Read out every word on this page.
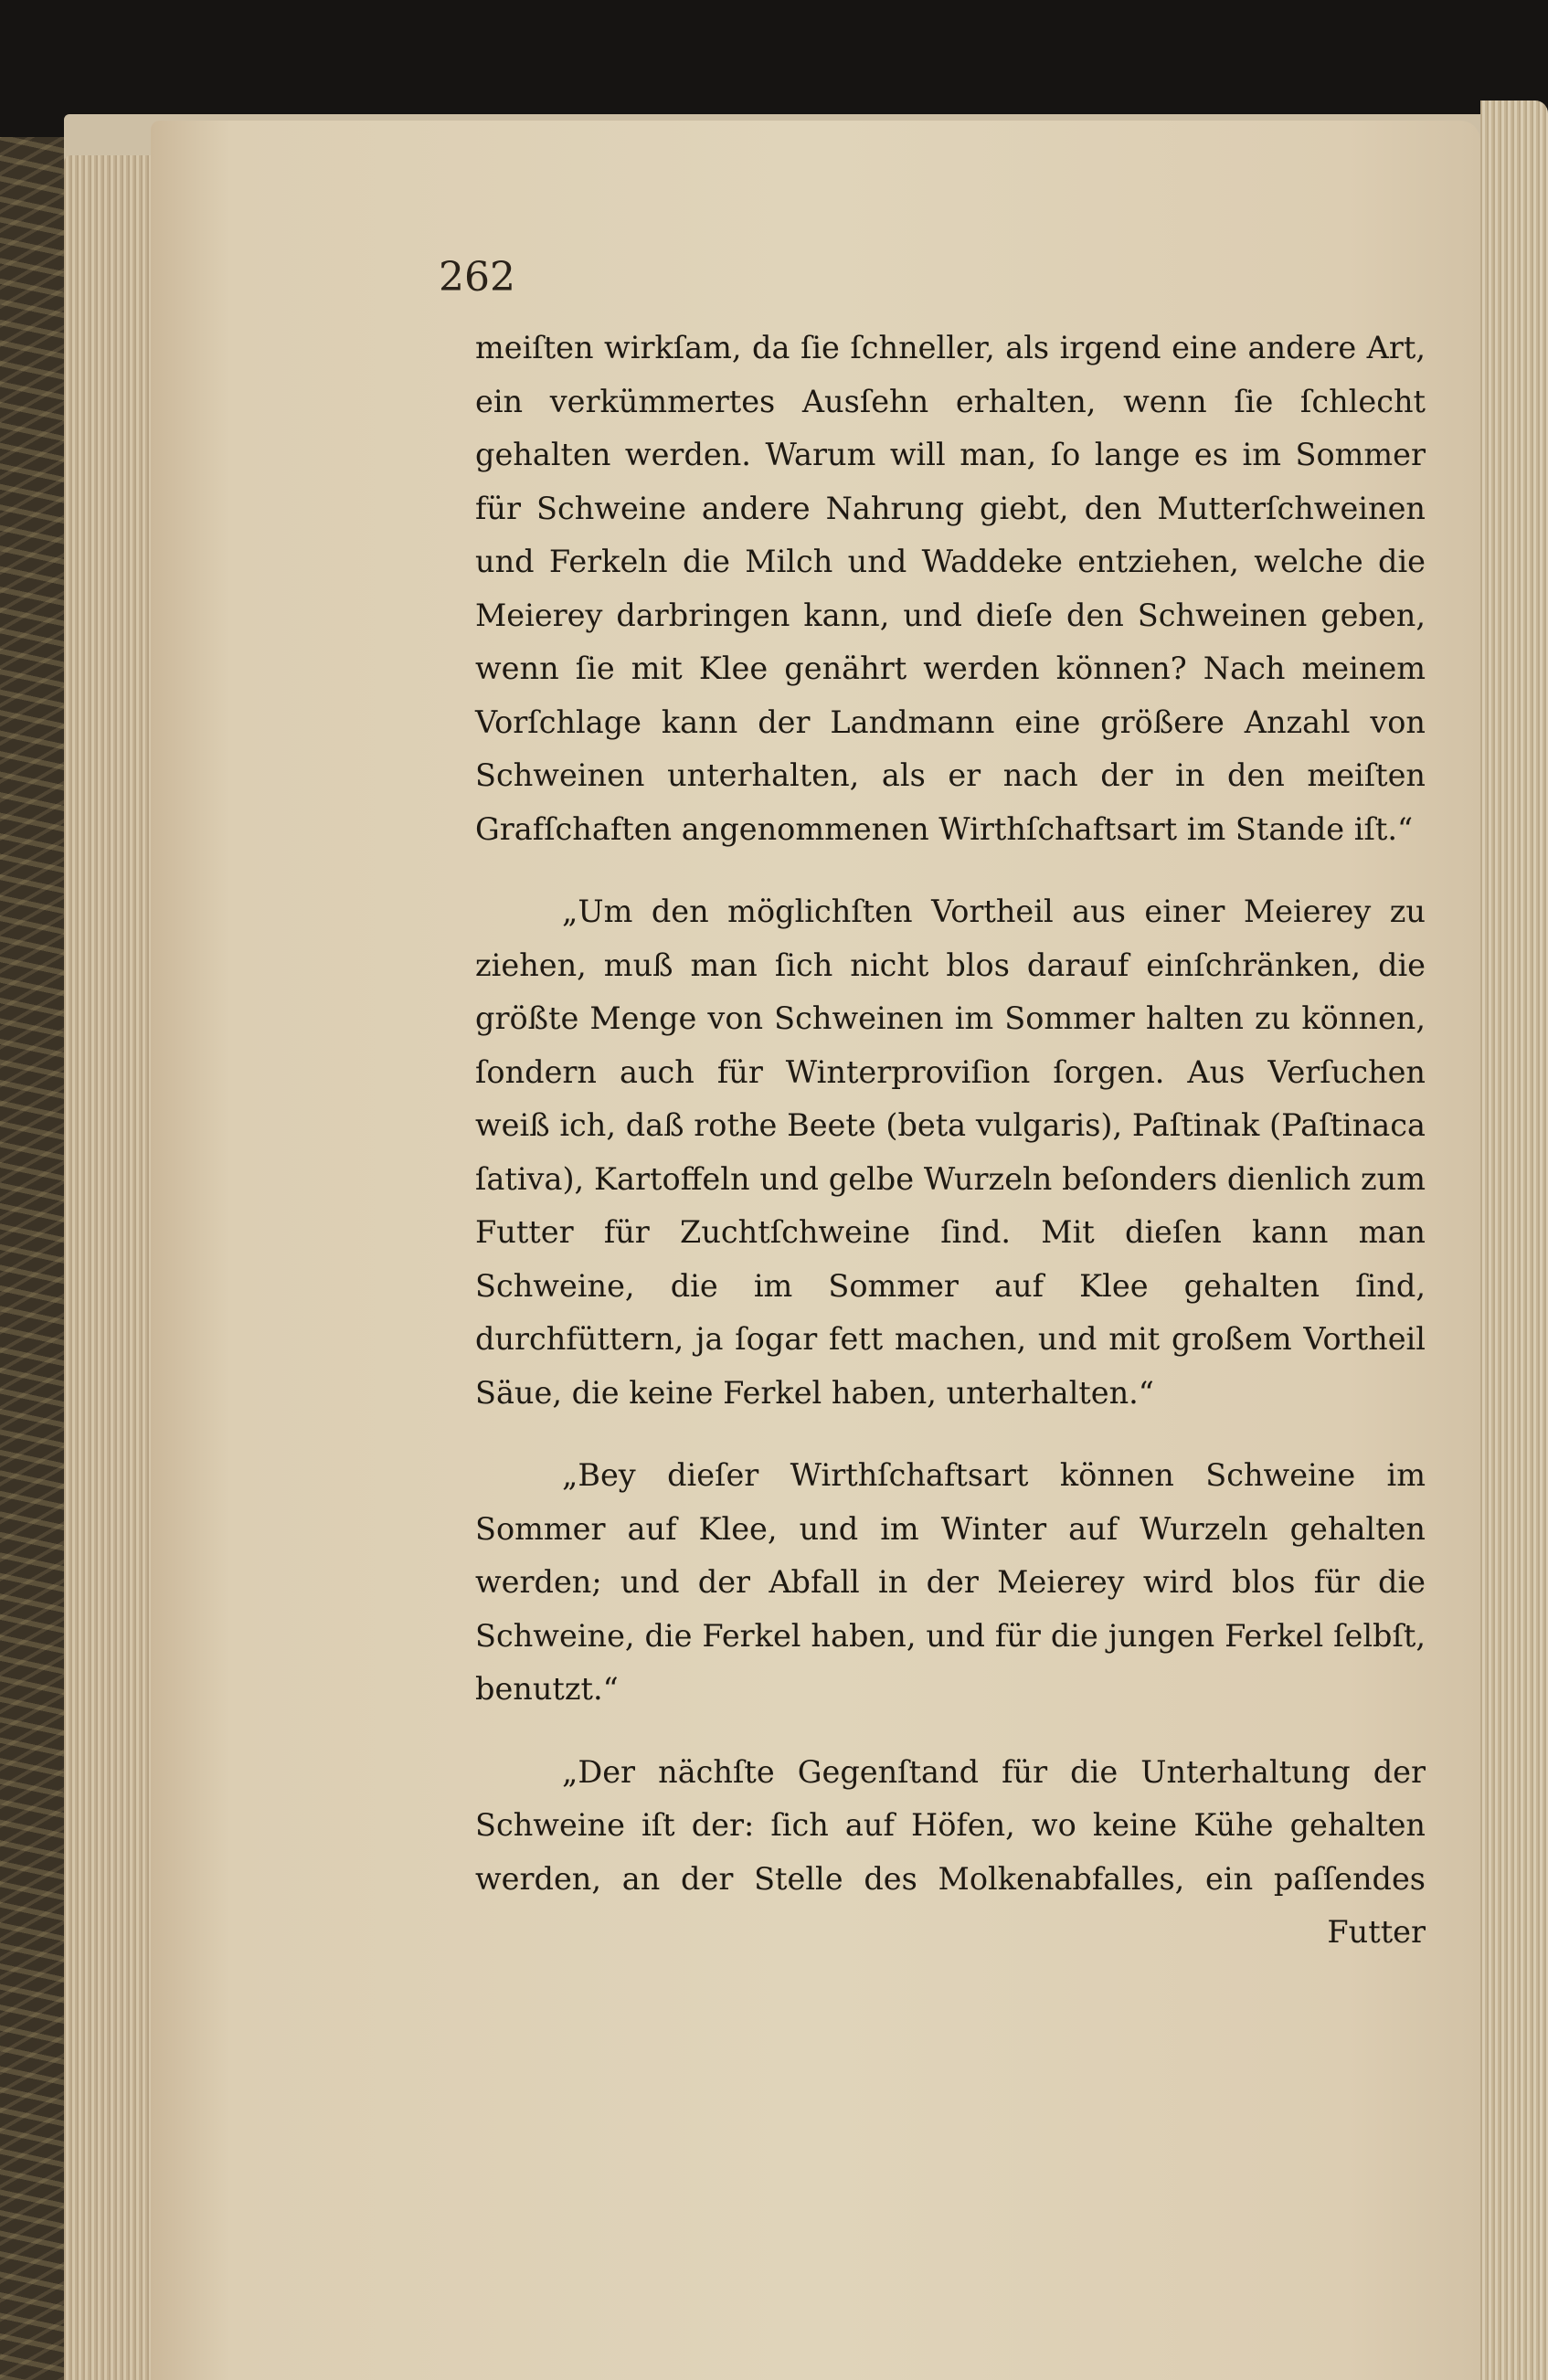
262

meiſten wirkſam, da ſie ſchneller, als irgend eine andere Art, ein verkümmertes Ausſehn erhalten, wenn ſie ſchlecht gehalten werden. Warum will man, ſo lange es im Sommer für Schweine andere Nahrung giebt, den Mutterſchweinen und Ferkeln die Milch und Waddeke entziehen, welche die Meierey darbringen kann, und dieſe den Schweinen geben, wenn ſie mit Klee genährt werden können? Nach meinem Vorſchlage kann der Landmann eine größere Anzahl von Schweinen unterhalten, als er nach der in den meiſten Grafſchaften angenommenen Wirthſchaftsart im Stande iſt.“

„Um den möglichſten Vortheil aus einer Meierey zu ziehen, muß man ſich nicht blos darauf einſchränken, die größte Menge von Schweinen im Sommer halten zu können, ſondern auch für Winterproviſion ſorgen. Aus Verſuchen weiß ich, daß rothe Beete (beta vulgaris), Paſtinak (Paſtinaca ſativa), Kartoffeln und gelbe Wurzeln beſonders dienlich zum Futter für Zuchtſchweine ſind. Mit dieſen kann man Schweine, die im Sommer auf Klee gehalten ſind, durchfüttern, ja ſogar fett machen, und mit großem Vortheil Säue, die keine Ferkel haben, unterhalten.“

„Bey dieſer Wirthſchaftsart können Schweine im Sommer auf Klee, und im Winter auf Wurzeln gehalten werden; und der Abfall in der Meierey wird blos für die Schweine, die Ferkel haben, und für die jungen Ferkel ſelbſt, benutzt.“

„Der nächſte Gegenſtand für die Unterhaltung der Schweine iſt der: ſich auf Höfen, wo keine Kühe gehalten werden, an der Stelle des Molkenabfalles, ein paſſendes

Futter
